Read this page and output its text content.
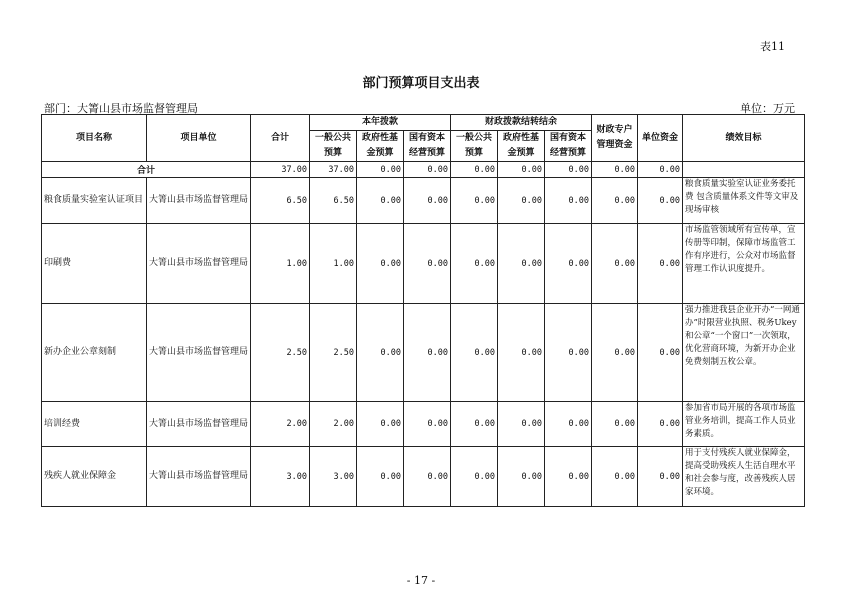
表11
部门预算项目支出表
部门：大箐山县市场监督管理局	单位：万元
项目名称	项目单位	合计	本年拨款			财政拨款结转结余			财政专户管理资金	单位资金	绩效目标
			一般公共预算	政府性基金预算	国有资本经营预算	一般公共预算	政府性基金预算	国有资本经营预算			

合计		37.00	37.00	0.00	0.00	0.00	0.00	0.00	0.00	0.00	
粮食质量实验室认证项目	大箐山县市场监督管理局	6.50	6.50	0.00	0.00	0.00	0.00	0.00	0.00	0.00	粮食质量实验室认证业务委托费 包含质量体系文件等文审及现场审核
印刷费	大箐山县市场监督管理局	1.00	1.00	0.00	0.00	0.00	0.00	0.00	0.00	0.00	市场监管领域所有宣传单，宣传册等印制，保障市场监管工作有序进行，公众对市场监督管理工作认识度提升。
新办企业公章刻制	大箐山县市场监督管理局	2.50	2.50	0.00	0.00	0.00	0.00	0.00	0.00	0.00	强力推进我县企业开办“一网通办”时限营业执照、税务Ukey和公章“一个窗口”一次领取，优化营商环境，为新开办企业免费刻制五枚公章。
培训经费	大箐山县市场监督管理局	2.00	2.00	0.00	0.00	0.00	0.00	0.00	0.00	0.00	参加省市局开展的各项市场监管业务培训，提高工作人员业务素质。
残疾人就业保障金	大箐山县市场监督管理局	3.00	3.00	0.00	0.00	0.00	0.00	0.00	0.00	0.00	用于支付残疾人就业保障金，提高受助残疾人生活自理水平和社会参与度，改善残疾人居家环境。
- 17 -
